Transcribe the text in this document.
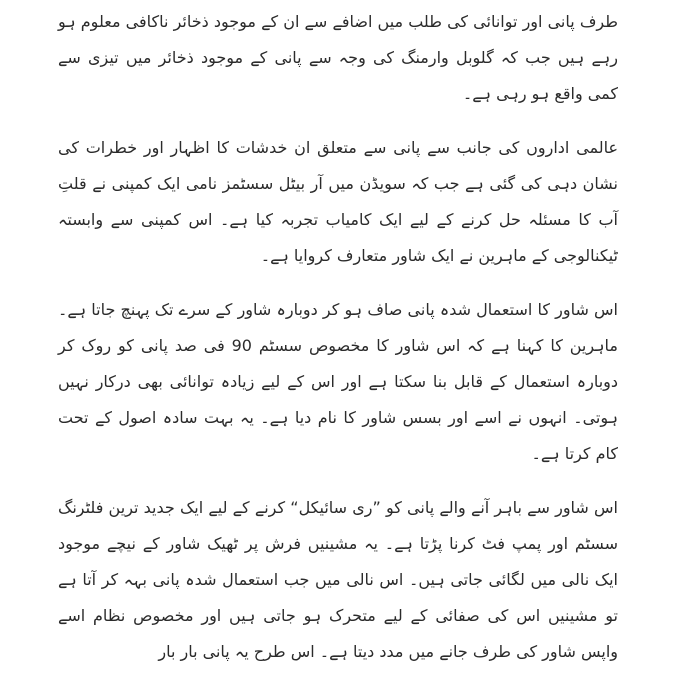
طرف پانی اور توانائی کی طلب میں اضافے سے ان کے موجود ذخائر ناکافی معلوم ہو رہے ہیں جب کہ گلوبل وارمنگ کی وجہ سے پانی کے موجود ذخائر میں تیزی سے کمی واقع ہو رہی ہے۔

عالمی اداروں کی جانب سے پانی سے متعلق ان خدشات کا اظہار اور خطرات کی نشان دہی کی گئی ہے جب کہ سویڈن میں آر بیٹل سسٹمز نامی ایک کمپنی نے قلتِ آب کا مسئلہ حل کرنے کے لیے ایک کامیاب تجربہ کیا ہے۔ اس کمپنی سے وابستہ ٹیکنالوجی کے ماہرین نے ایک شاور متعارف کروایا ہے۔

اس شاور کا استعمال شدہ پانی صاف ہو کر دوبارہ شاور کے سرے تک پہنچ جاتا ہے۔ ماہرین کا کہنا ہے کہ اس شاور کا مخصوص سسٹم 90 فی صد پانی کو روک کر دوبارہ استعمال کے قابل بنا سکتا ہے اور اس کے لیے زیادہ توانائی بھی درکار نہیں ہوتی۔ انہوں نے اسے اور بسس شاور کا نام دیا ہے۔ یہ بہت سادہ اصول کے تحت کام کرتا ہے۔

اس شاور سے باہر آنے والے پانی کو ”ری سائیکل“ کرنے کے لیے ایک جدید ترین فلٹرنگ سسٹم اور پمپ فٹ کرنا پڑتا ہے۔ یہ مشینیں فرش پر ٹھیک شاور کے نیچے موجود ایک نالی میں لگائی جاتی ہیں۔ اس نالی میں جب استعمال شدہ پانی بہہ کر آتا ہے تو مشینیں اس کی صفائی کے لیے متحرک ہو جاتی ہیں اور مخصوص نظام اسے واپس شاور کی طرف جانے میں مدد دیتا ہے۔ اس طرح یہ پانی بار بار
